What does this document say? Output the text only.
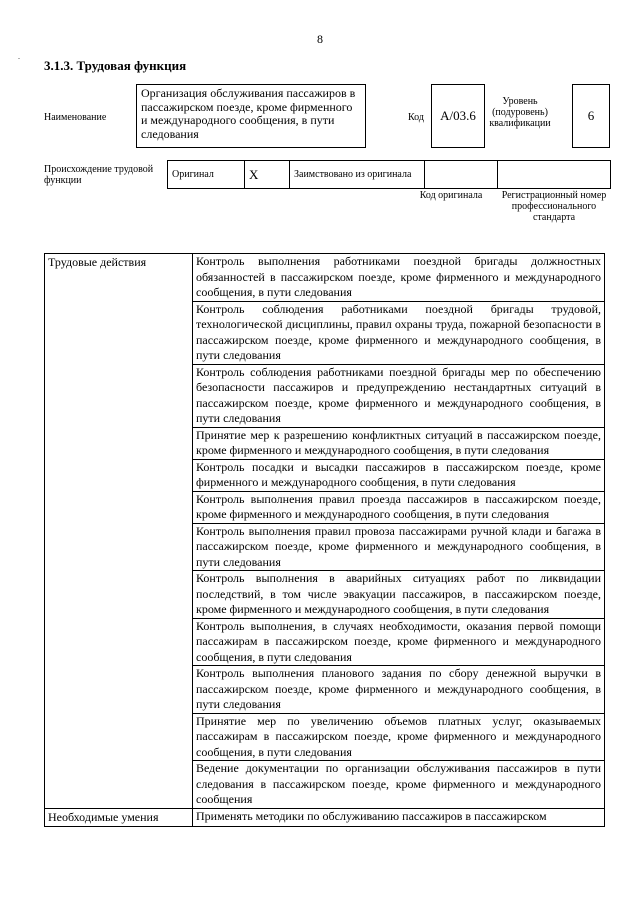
8
.
3.1.3. Трудовая функция
Наименование
Организация обслуживания пассажиров в пассажирском поезде, кроме фирменного и международного сообщения, в пути следования
Код	А/03.6
Уровень (подуровень) квалификации
6
Происхождение трудовой функции
Оригинал	X	Заимствовано из оригинала		
Код оригинала	Регистрационный номер профессионального стандарта
Трудовые действия	Контроль выполнения работниками поездной бригады должностных обязанностей в пассажирском поезде, кроме фирменного и международного сообщения, в пути следования
	Контроль соблюдения работниками поездной бригады трудовой, технологической дисциплины, правил охраны труда, пожарной безопасности в пассажирском поезде, кроме фирменного и международного сообщения, в пути следования
	Контроль соблюдения работниками поездной бригады мер по обеспечению безопасности пассажиров и предупреждению нестандартных ситуаций в пассажирском поезде, кроме фирменного и международного сообщения, в пути следования
	Принятие мер к разрешению конфликтных ситуаций в пассажирском поезде, кроме фирменного и международного сообщения, в пути следования
	Контроль посадки и высадки пассажиров в пассажирском поезде, кроме фирменного и международного сообщения, в пути следования
	Контроль выполнения правил проезда пассажиров в пассажирском поезде, кроме фирменного и международного сообщения, в пути следования
	Контроль выполнения правил провоза пассажирами ручной клади и багажа в пассажирском поезде, кроме фирменного и международного сообщения, в пути следования
	Контроль выполнения в аварийных ситуациях работ по ликвидации последствий, в том числе эвакуации пассажиров, в пассажирском поезде, кроме фирменного и международного сообщения, в пути следования
	Контроль выполнения, в случаях необходимости, оказания первой помощи пассажирам в пассажирском поезде, кроме фирменного и международного сообщения, в пути следования
	Контроль выполнения планового задания по сбору денежной выручки в пассажирском поезде, кроме фирменного и международного сообщения, в пути следования
	Принятие мер по увеличению объемов платных услуг, оказываемых пассажирам в пассажирском поезде, кроме фирменного и международного сообщения, в пути следования
	Ведение документации по организации обслуживания пассажиров в пути следования в пассажирском поезде, кроме фирменного и международного сообщения
Необходимые умения	Применять методики по обслуживанию пассажиров в пассажирском
